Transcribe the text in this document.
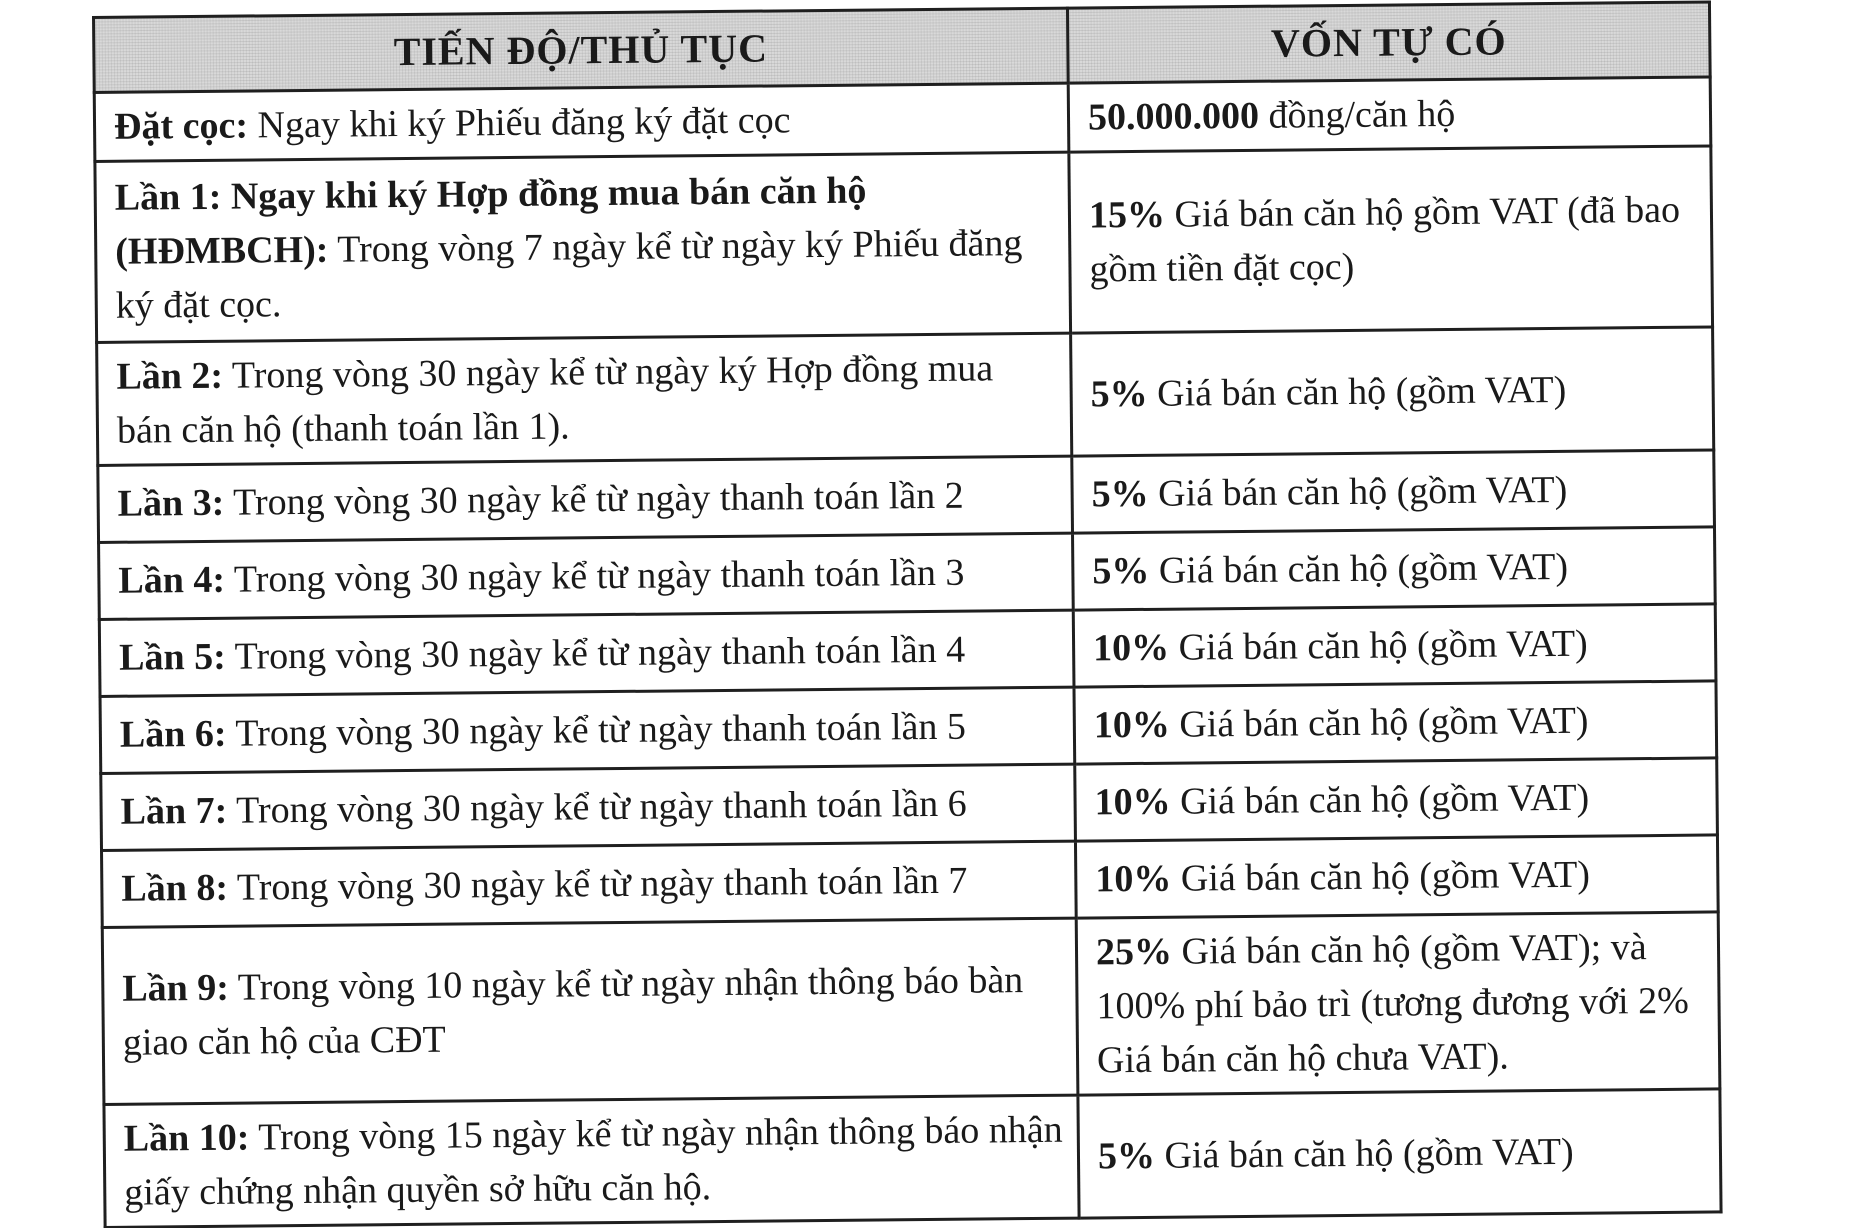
TIẾN ĐỘ/THỦ TỤC	VỐN TỰ CÓ
Đặt cọc: Ngay khi ký Phiếu đăng ký đặt cọc	50.000.000 đồng/căn hộ
Lần 1: Ngay khi ký Hợp đồng mua bán căn hộ (HĐMBCH): Trong vòng 7 ngày kể từ ngày ký Phiếu đăng ký đặt cọc.	15% Giá bán căn hộ gồm VAT (đã bao gồm tiền đặt cọc)
Lần 2: Trong vòng 30 ngày kể từ ngày ký Hợp đồng mua bán căn hộ (thanh toán lần 1).	5% Giá bán căn hộ (gồm VAT)
Lần 3: Trong vòng 30 ngày kể từ ngày thanh toán lần 2	5% Giá bán căn hộ (gồm VAT)
Lần 4: Trong vòng 30 ngày kể từ ngày thanh toán lần 3	5% Giá bán căn hộ (gồm VAT)
Lần 5: Trong vòng 30 ngày kể từ ngày thanh toán lần 4	10% Giá bán căn hộ (gồm VAT)
Lần 6: Trong vòng 30 ngày kể từ ngày thanh toán lần 5	10% Giá bán căn hộ (gồm VAT)
Lần 7: Trong vòng 30 ngày kể từ ngày thanh toán lần 6	10% Giá bán căn hộ (gồm VAT)
Lần 8: Trong vòng 30 ngày kể từ ngày thanh toán lần 7	10% Giá bán căn hộ (gồm VAT)
Lần 9: Trong vòng 10 ngày kể từ ngày nhận thông báo bàn giao căn hộ của CĐT	25% Giá bán căn hộ (gồm VAT); và 100% phí bảo trì (tương đương với 2% Giá bán căn hộ chưa VAT).
Lần 10: Trong vòng 15 ngày kể từ ngày nhận thông báo nhận giấy chứng nhận quyền sở hữu căn hộ.	5% Giá bán căn hộ (gồm VAT)
